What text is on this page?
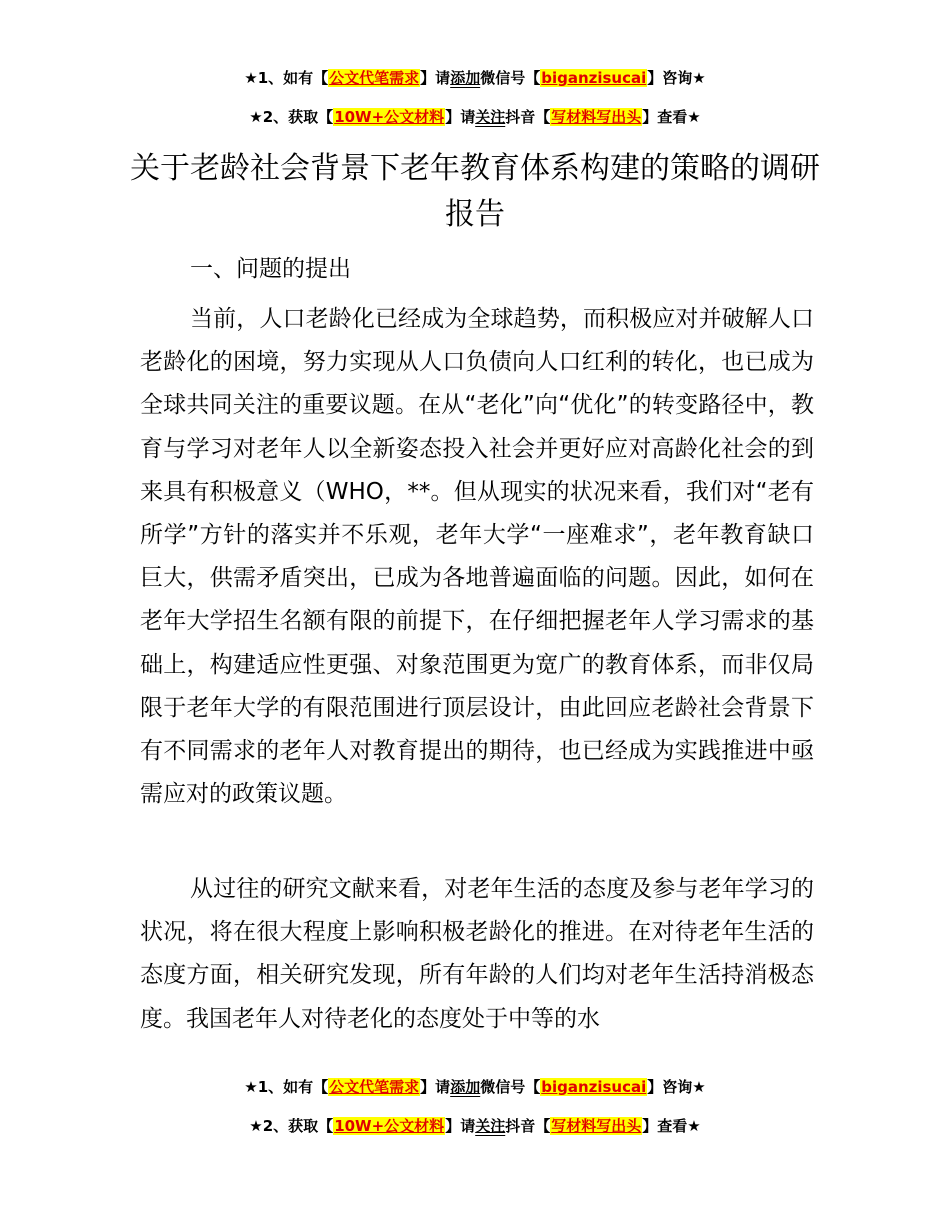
★1、如有【公文代笔需求】请添加微信号【biganzisucai】咨询★
★2、获取【10W+公文材料】请关注抖音【写材料写出头】查看★
关于老龄社会背景下老年教育体系构建的策略的调研报告
一、问题的提出

当前，人口老龄化已经成为全球趋势，而积极应对并破解人口老龄化的困境，努力实现从人口负债向人口红利的转化，也已成为全球共同关注的重要议题。在从“老化”向“优化”的转变路径中，教育与学习对老年人以全新姿态投入社会并更好应对高龄化社会的到来具有积极意义（WHO，**。但从现实的状况来看，我们对“老有所学”方针的落实并不乐观，老年大学“一座难求”，老年教育缺口巨大，供需矛盾突出，已成为各地普遍面临的问题。因此，如何在老年大学招生名额有限的前提下，在仔细把握老年人学习需求的基础上，构建适应性更强、对象范围更为宽广的教育体系，而非仅局限于老年大学的有限范围进行顶层设计，由此回应老龄社会背景下有不同需求的老年人对教育提出的期待，也已经成为实践推进中亟需应对的政策议题。

从过往的研究文献来看，对老年生活的态度及参与老年学习的状况，将在很大程度上影响积极老龄化的推进。在对待老年生活的态度方面，相关研究发现，所有年龄的人们均对老年生活持消极态度。我国老年人对待老化的态度处于中等的水

★1、如有【公文代笔需求】请添加微信号【biganzisucai】咨询★
★2、获取【10W+公文材料】请关注抖音【写材料写出头】查看★
